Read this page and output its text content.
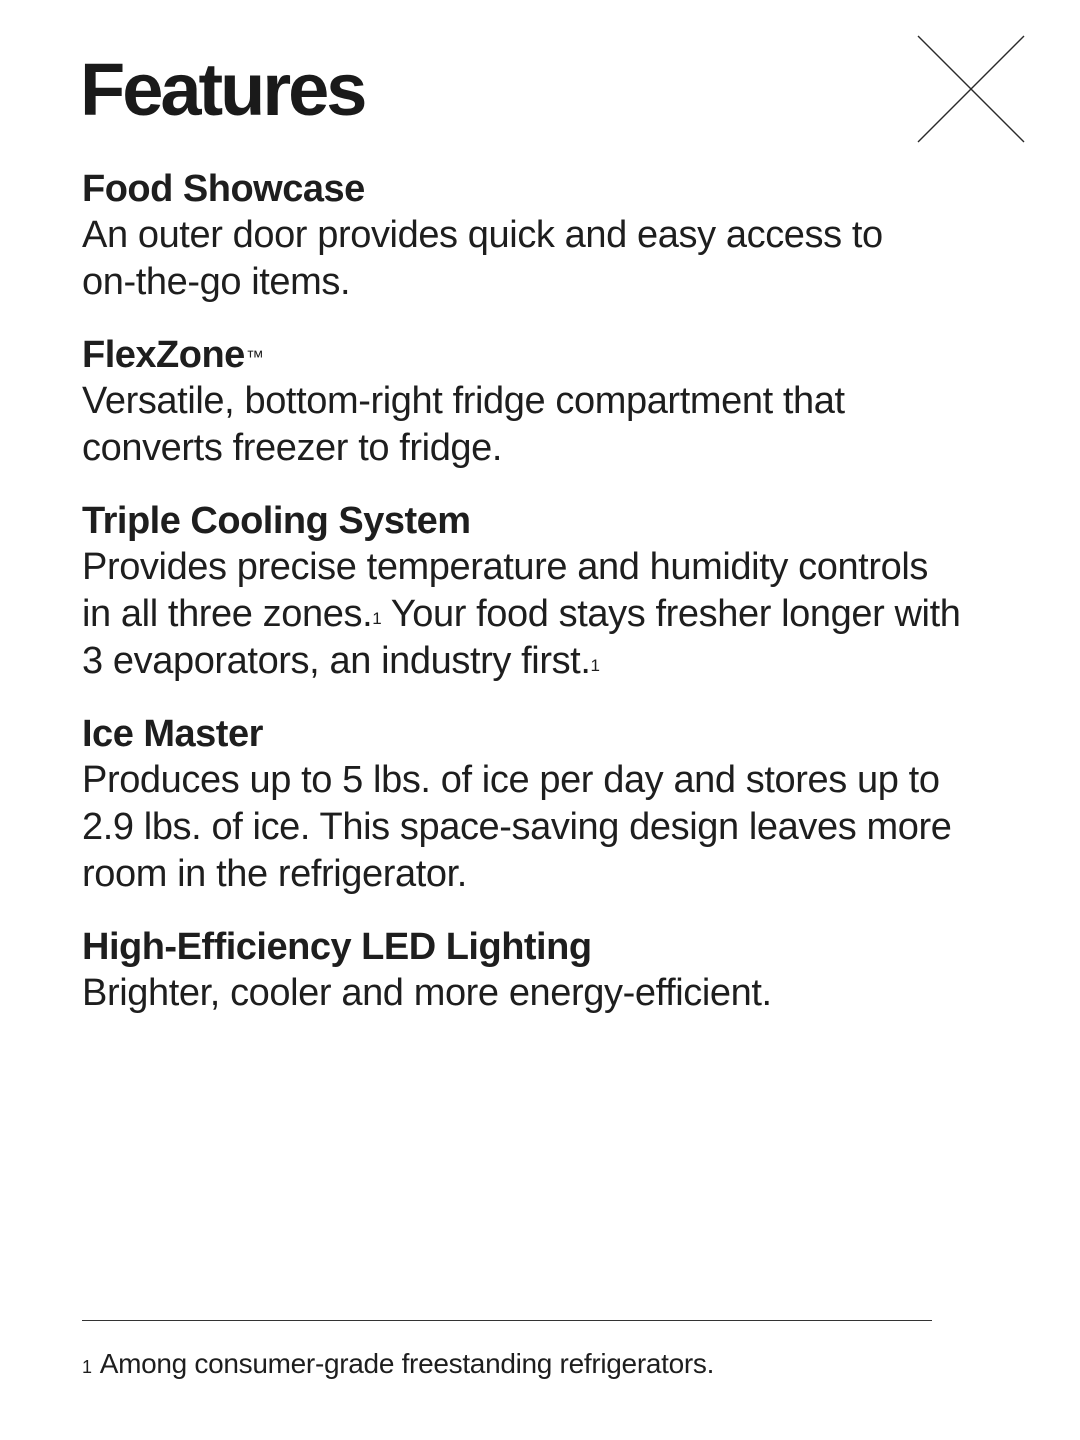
Features

Food Showcase

An outer door provides quick and easy access to
on-the-go items.

FlexZone™

Versatile, bottom-right fridge compartment that
converts freezer to fridge.

Triple Cooling System

Provides precise temperature and humidity controls
in all three zones.$^1$ Your food stays fresher longer with
3 evaporators, an industry first.$^1$

Ice Master

Produces up to 5 lbs. of ice per day and stores up to
2.9 lbs. of ice. This space-saving design leaves more
room in the refrigerator.

High-Efficiency LED Lighting

Brighter, cooler and more energy-efficient.

$^1$ Among consumer-grade freestanding refrigerators.
